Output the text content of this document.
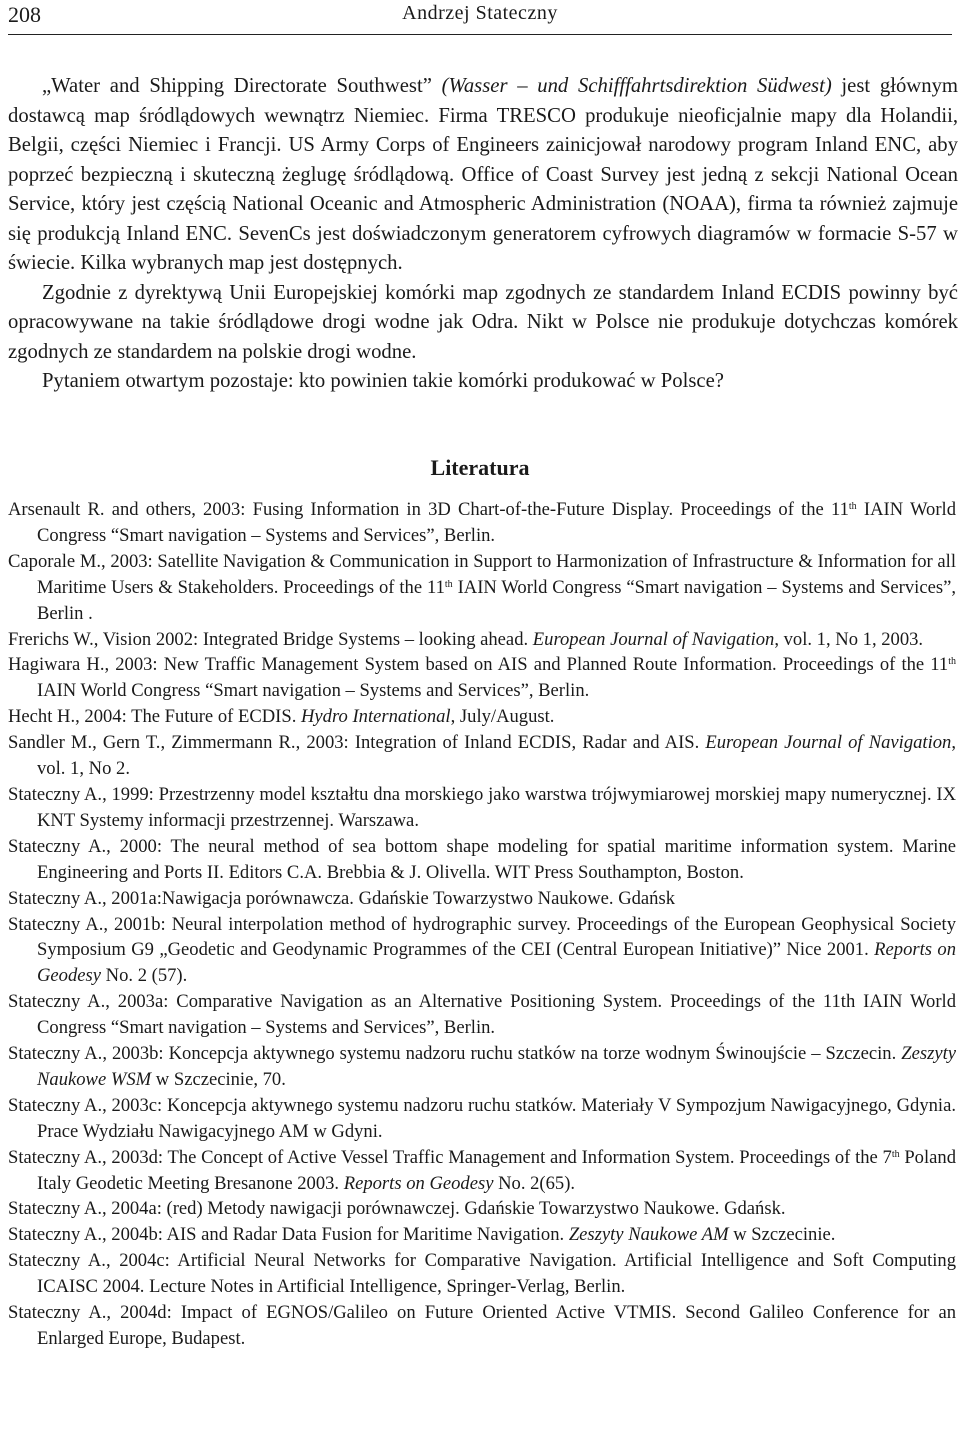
208	Andrzej Stateczny

„Water and Shipping Directorate Southwest” (Wasser – und Schifffahrtsdirektion Südwest) jest głównym dostawcą map śródlądowych wewnątrz Niemiec. Firma TRESCO produkuje nieoficjalnie mapy dla Holandii, Belgii, części Niemiec i Francji. US Army Corps of Engineers zainicjował narodowy program Inland ENC, aby poprzeć bezpieczną i skuteczną żeglugę śródlądową. Office of Coast Survey jest jedną z sekcji National Ocean Service, który jest częścią National Oceanic and Atmospheric Administration (NOAA), firma ta również zajmuje się produkcją Inland ENC. SevenCs jest doświadczonym generatorem cyfrowych diagramów w formacie S-57 w świecie. Kilka wybranych map jest dostępnych.

Zgodnie z dyrektywą Unii Europejskiej komórki map zgodnych ze standardem Inland ECDIS powinny być opracowywane na takie śródlądowe drogi wodne jak Odra. Nikt w Polsce nie produkuje dotychczas komórek zgodnych ze standardem na polskie drogi wodne.

Pytaniem otwartym pozostaje: kto powinien takie komórki produkować w Polsce?

Literatura

Arsenault R. and others, 2003: Fusing Information in 3D Chart-of-the-Future Display. Proceedings of the 11th IAIN World Congress “Smart navigation – Systems and Services”, Berlin.

Caporale M., 2003: Satellite Navigation & Communication in Support to Harmonization of Infrastructure & Information for all Maritime Users & Stakeholders. Proceedings of the 11th IAIN World Congress “Smart navigation – Systems and Services”, Berlin .

Frerichs W., Vision 2002: Integrated Bridge Systems – looking ahead. European Journal of Navigation, vol. 1, No 1, 2003.

Hagiwara H., 2003: New Traffic Management System based on AIS and Planned Route Information. Proceedings of the 11th IAIN World Congress “Smart navigation – Systems and Services”, Berlin.

Hecht H., 2004: The Future of ECDIS. Hydro International, July/August.

Sandler M., Gern T., Zimmermann R., 2003: Integration of Inland ECDIS, Radar and AIS. European Journal of Navigation, vol. 1, No 2.

Stateczny A., 1999: Przestrzenny model kształtu dna morskiego jako warstwa trójwymiarowej morskiej mapy numerycznej. IX KNT Systemy informacji przestrzennej. Warszawa.

Stateczny A., 2000: The neural method of sea bottom shape modeling for spatial maritime information system. Marine Engineering and Ports II. Editors C.A. Brebbia & J. Olivella. WIT Press Southampton, Boston.

Stateczny A., 2001a:Nawigacja porównawcza. Gdańskie Towarzystwo Naukowe. Gdańsk

Stateczny A., 2001b: Neural interpolation method of hydrographic survey. Proceedings of the European Geophysical Society Symposium G9 „Geodetic and Geodynamic Programmes of the CEI (Central European Initiative)” Nice 2001. Reports on Geodesy No. 2 (57).

Stateczny A., 2003a: Comparative Navigation as an Alternative Positioning System. Proceedings of the 11th IAIN World Congress “Smart navigation – Systems and Services”, Berlin.

Stateczny A., 2003b: Koncepcja aktywnego systemu nadzoru ruchu statków na torze wodnym Świnoujście – Szczecin. Zeszyty Naukowe WSM w Szczecinie, 70.

Stateczny A., 2003c: Koncepcja aktywnego systemu nadzoru ruchu statków. Materiały V Sympozjum Nawigacyjnego, Gdynia. Prace Wydziału Nawigacyjnego AM w Gdyni.

Stateczny A., 2003d: The Concept of Active Vessel Traffic Management and Information System. Proceedings of the 7th Poland Italy Geodetic Meeting Bresanone 2003. Reports on Geodesy No. 2(65).

Stateczny A., 2004a: (red) Metody nawigacji porównawczej. Gdańskie Towarzystwo Naukowe. Gdańsk.

Stateczny A., 2004b: AIS and Radar Data Fusion for Maritime Navigation. Zeszyty Naukowe AM w Szczecinie.

Stateczny A., 2004c: Artificial Neural Networks for Comparative Navigation. Artificial Intelligence and Soft Computing ICAISC 2004. Lecture Notes in Artificial Intelligence, Springer-Verlag, Berlin.

Stateczny A., 2004d: Impact of EGNOS/Galileo on Future Oriented Active VTMIS. Second Galileo Conference for an Enlarged Europe, Budapest.
